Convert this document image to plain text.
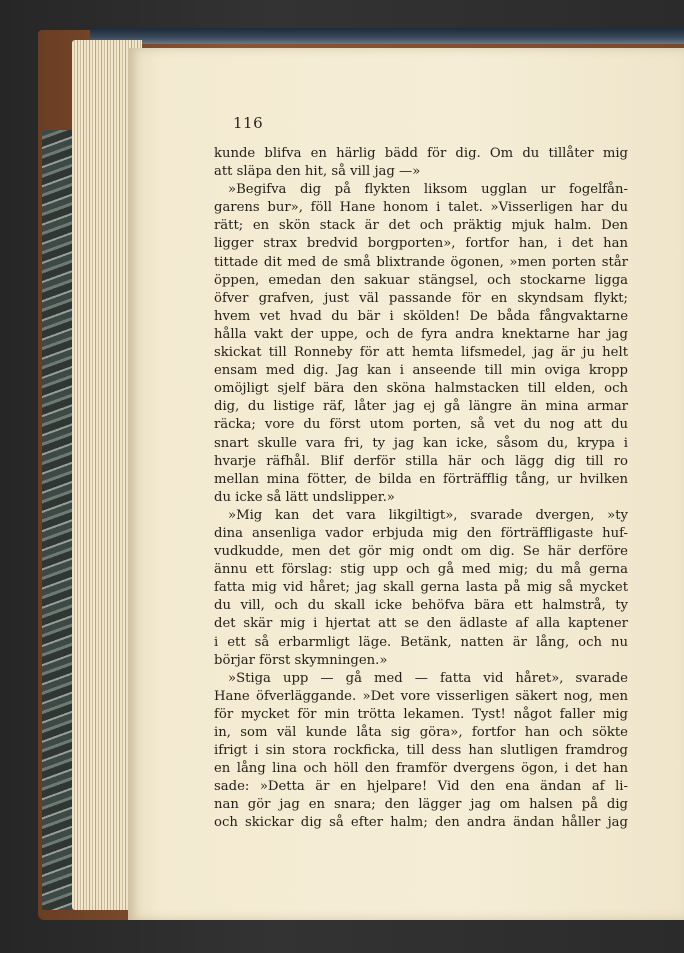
116
kunde blifva en härlig bädd för dig. Om du tillåter mig
att släpa den hit, så vill jag —»
»Begifva dig på flykten liksom ugglan ur fogelfån-
garens bur», föll Hane honom i talet. »Visserligen har du
rätt; en skön stack är det och präktig mjuk halm. Den
ligger strax bredvid borgporten», fortfor han, i det han
tittade dit med de små blixtrande ögonen, »men porten står
öppen, emedan den sakuar stängsel, och stockarne ligga
öfver grafven, just väl passande för en skyndsam flykt;
hvem vet hvad du bär i skölden! De båda fångvaktarne
hålla vakt der uppe, och de fyra andra knektarne har jag
skickat till Ronneby för att hemta lifsmedel, jag är ju helt
ensam med dig. Jag kan i anseende till min oviga kropp
omöjligt sjelf bära den sköna halmstacken till elden, och
dig, du listige räf, låter jag ej gå längre än mina armar
räcka; vore du först utom porten, så vet du nog att du
snart skulle vara fri, ty jag kan icke, såsom du, krypa i
hvarje räfhål. Blif derför stilla här och lägg dig till ro
mellan mina fötter, de bilda en förträfflig tång, ur hvilken
du icke så lätt undslipper.»
»Mig kan det vara likgiltigt», svarade dvergen, »ty
dina ansenliga vador erbjuda mig den förträffligaste huf-
vudkudde, men det gör mig ondt om dig. Se här derföre
ännu ett förslag: stig upp och gå med mig; du må gerna
fatta mig vid håret; jag skall gerna lasta på mig så mycket
du vill, och du skall icke behöfva bära ett halmstrå, ty
det skär mig i hjertat att se den ädlaste af alla kaptener
i ett så erbarmligt läge. Betänk, natten är lång, och nu
börjar först skymningen.»
»Stiga upp — gå med — fatta vid håret», svarade
Hane öfverläggande. »Det vore visserligen säkert nog, men
för mycket för min trötta lekamen. Tyst! något faller mig
in, som väl kunde låta sig göra», fortfor han och sökte
ifrigt i sin stora rockficka, till dess han slutligen framdrog
en lång lina och höll den framför dvergens ögon, i det han
sade: »Detta är en hjelpare! Vid den ena ändan af li-
nan gör jag en snara; den lägger jag om halsen på dig
och skickar dig så efter halm; den andra ändan håller jag
